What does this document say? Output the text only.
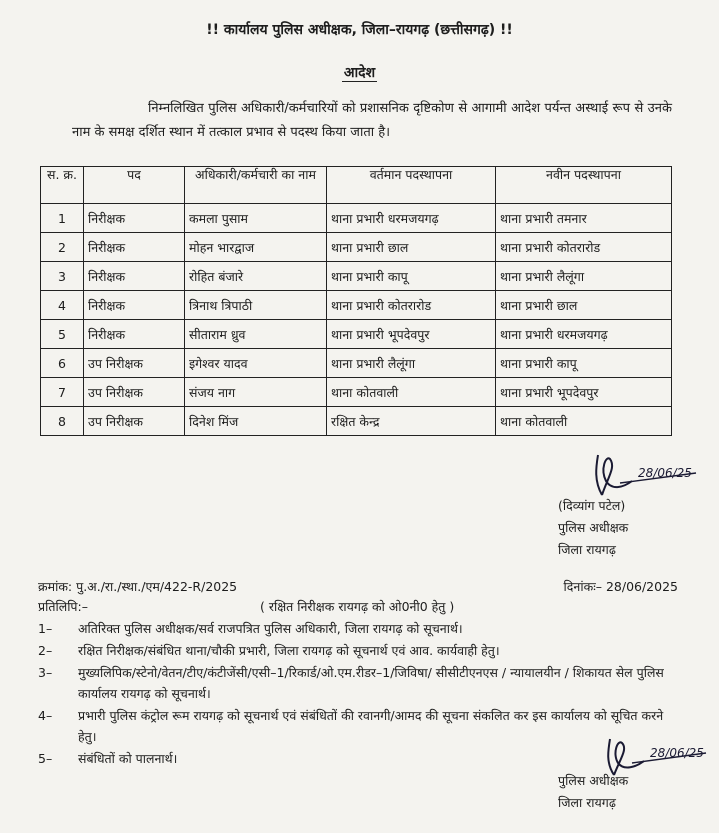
!! कार्यालय पुलिस अधीक्षक, जिला–रायगढ़ (छत्तीसगढ़) !!
आदेश
निम्नलिखित पुलिस अधिकारी/कर्मचारियों को प्रशासनिक दृष्टिकोण से आगामी आदेश पर्यन्त अस्थाई रूप से उनके नाम के समक्ष दर्शित स्थान में तत्काल प्रभाव से पदस्थ किया जाता है।
स. क्र.	पद	अधिकारी/कर्मचारी का नाम	वर्तमान पदस्थापना	नवीन पदस्थापना
1	निरीक्षक	कमला पुसाम	थाना प्रभारी धरमजयगढ़	थाना प्रभारी तमनार
2	निरीक्षक	मोहन भारद्वाज	थाना प्रभारी छाल	थाना प्रभारी कोतरारोड
3	निरीक्षक	रोहित बंजारे	थाना प्रभारी कापू	थाना प्रभारी लैलूंगा
4	निरीक्षक	त्रिनाथ त्रिपाठी	थाना प्रभारी कोतरारोड	थाना प्रभारी छाल
5	निरीक्षक	सीताराम ध्रुव	थाना प्रभारी भूपदेवपुर	थाना प्रभारी धरमजयगढ़
6	उप निरीक्षक	इगेश्वर यादव	थाना प्रभारी लैलूंगा	थाना प्रभारी कापू
7	उप निरीक्षक	संजय नाग	थाना कोतवाली	थाना प्रभारी भूपदेवपुर
8	उप निरीक्षक	दिनेश मिंज	रक्षित केन्द्र	थाना कोतवाली
28/06/25
(दिव्यांग पटेल)
पुलिस अधीक्षक
जिला रायगढ़
क्रमांक: पु.अ./रा./स्था./एम/422-R/2025	दिनांकः– 28/06/2025
प्रतिलिपि:–	( रक्षित निरीक्षक रायगढ़ को ओ0नी0 हेतु )
1–	अतिरिक्त पुलिस अधीक्षक/सर्व राजपत्रित पुलिस अधिकारी, जिला रायगढ़ को सूचनार्थ।
2–	रक्षित निरीक्षक/संबंधित थाना/चौकी प्रभारी, जिला रायगढ़ को सूचनार्थ एवं आव. कार्यवाही हेतु।
3–	मुख्यलिपिक/स्टेनो/वेतन/टीए/कंटीजेंसी/एसी–1/रिकार्ड/ओ.एम.रीडर–1/जिविषा/ सीसीटीएनएस / न्यायालयीन / शिकायत सेल पुलिस कार्यालय रायगढ़ को सूचनार्थ।
4–	प्रभारी पुलिस कंट्रोल रूम रायगढ़ को सूचनार्थ एवं संबंधितों की रवानगी/आमद की सूचना संकलित कर इस कार्यालय को सूचित करने हेतु।
5–	संबंधितों को पालनार्थ।	28/06/25
पुलिस अधीक्षक
जिला रायगढ़
